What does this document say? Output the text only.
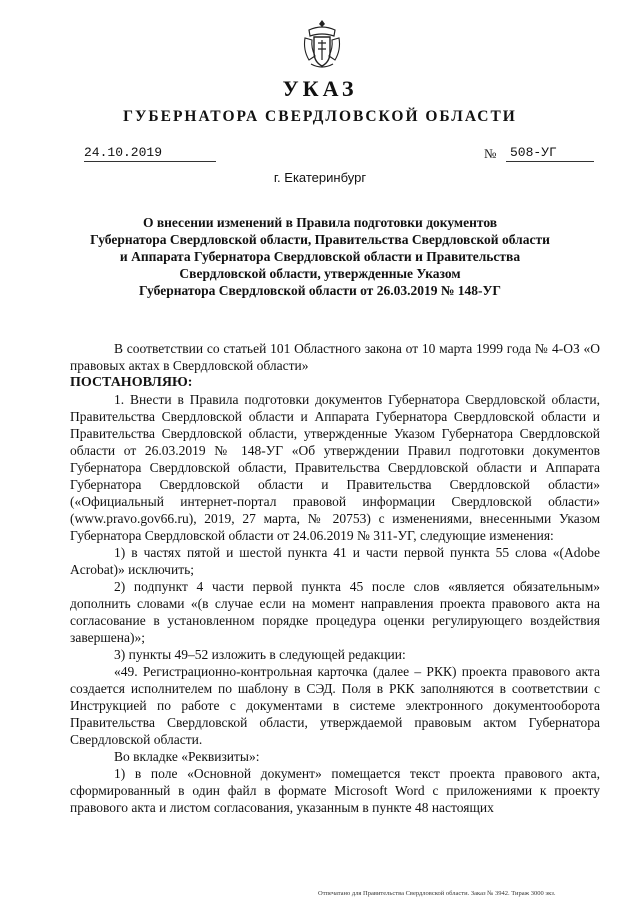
УКАЗ
ГУБЕРНАТОРА СВЕРДЛОВСКОЙ ОБЛАСТИ
24.10.2019	№	508-УГ
г. Екатеринбург
О внесении изменений в Правила подготовки документов
Губернатора Свердловской области, Правительства Свердловской области
и Аппарата Губернатора Свердловской области и Правительства
Свердловской области, утвержденные Указом
Губернатора Свердловской области от 26.03.2019 № 148-УГ

В соответствии со статьей 101 Областного закона от 10 марта 1999 года № 4-ОЗ «О правовых актах в Свердловской области»

ПОСТАНОВЛЯЮ:

1. Внести в Правила подготовки документов Губернатора Свердловской области, Правительства Свердловской области и Аппарата Губернатора Свердловской области и Правительства Свердловской области, утвержденные Указом Губернатора Свердловской области от 26.03.2019 № 148-УГ «Об утверждении Правил подготовки документов Губернатора Свердловской области, Правительства Свердловской области и Аппарата Губернатора Свердловской области и Правительства Свердловской области» («Официальный интернет-портал правовой информации Свердловской области» (www.pravo.gov66.ru), 2019, 27 марта, № 20753) с изменениями, внесенными Указом Губернатора Свердловской области от 24.06.2019 № 311-УГ, следующие изменения:

1) в частях пятой и шестой пункта 41 и части первой пункта 55 слова «(Adobe Acrobat)» исключить;

2) подпункт 4 части первой пункта 45 после слов «является обязательным» дополнить словами «(в случае если на момент направления проекта правового акта на согласование в установленном порядке процедура оценки регулирующего воздействия завершена)»;

3) пункты 49–52 изложить в следующей редакции:

«49. Регистрационно-контрольная карточка (далее – РКК) проекта правового акта создается исполнителем по шаблону в СЭД. Поля в РКК заполняются в соответствии с Инструкцией по работе с документами в системе электронного документооборота Правительства Свердловской области, утверждаемой правовым актом Губернатора Свердловской области.

Во вкладке «Реквизиты»:

1) в поле «Основной документ» помещается текст проекта правового акта, сформированный в один файл в формате Microsoft Word с приложениями к проекту правового акта и листом согласования, указанным в пункте 48 настоящих

Отпечатано для Правительства Свердловской области. Заказ № 3942. Тираж 3000 экз.
